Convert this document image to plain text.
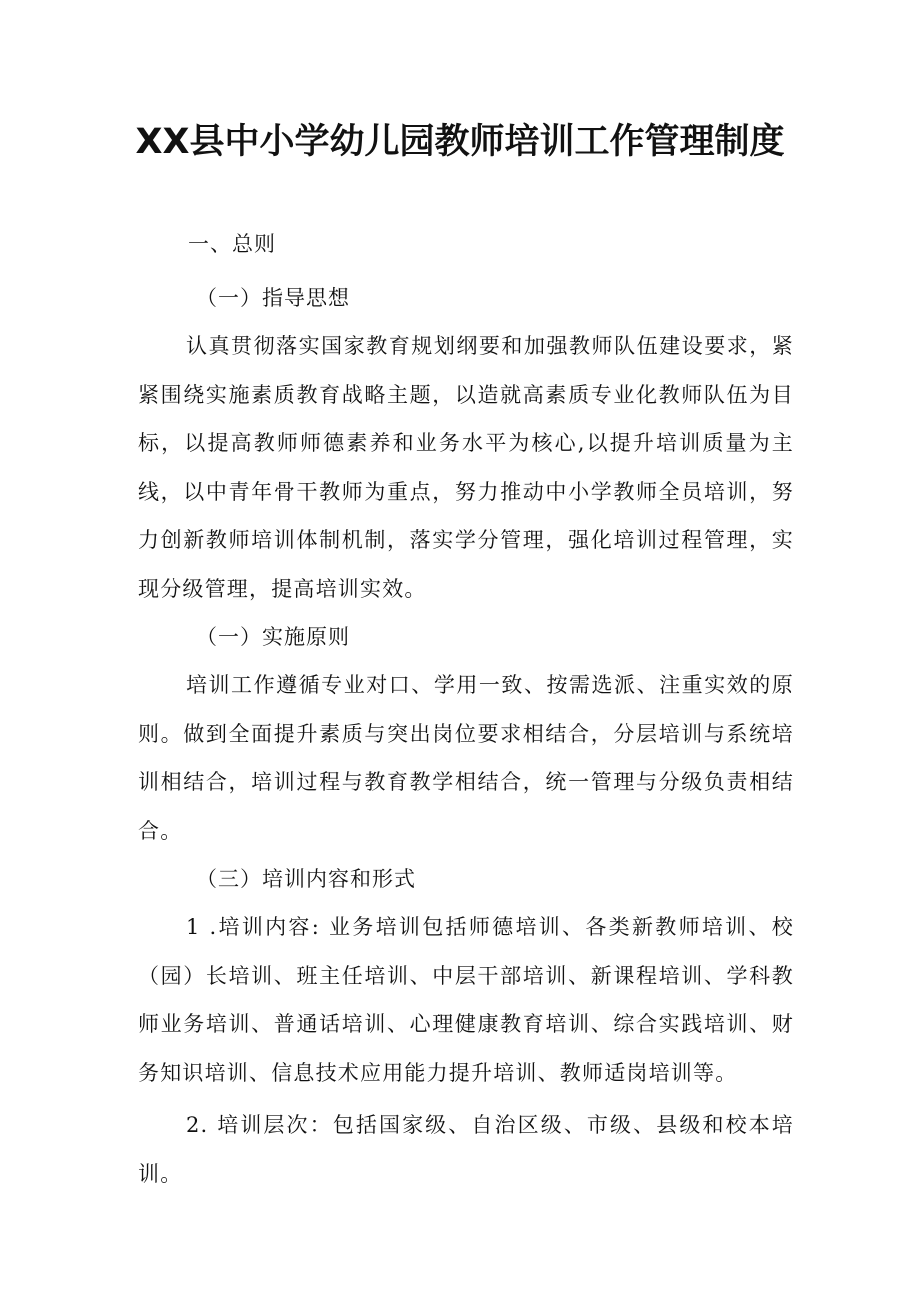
XX县中小学幼儿园教师培训工作管理制度

一、总则

（一）指导思想

认真贯彻落实国家教育规划纲要和加强教师队伍建设要求，紧紧围绕实施素质教育战略主题，以造就高素质专业化教师队伍为目标，以提高教师师德素养和业务水平为核心,以提升培训质量为主线，以中青年骨干教师为重点，努力推动中小学教师全员培训，努力创新教师培训体制机制，落实学分管理，强化培训过程管理，实现分级管理，提高培训实效。

（一）实施原则

培训工作遵循专业对口、学用一致、按需选派、注重实效的原则。做到全面提升素质与突出岗位要求相结合，分层培训与系统培训相结合，培训过程与教育教学相结合，统一管理与分级负责相结合。

（三）培训内容和形式

1 .培训内容: 业务培训包括师德培训、各类新教师培训、校（园）长培训、班主任培训、中层干部培训、新课程培训、学科教师业务培训、普通话培训、心理健康教育培训、综合实践培训、财务知识培训、信息技术应用能力提升培训、教师适岗培训等。

2. 培训层次：包括国家级、自治区级、市级、县级和校本培训。
